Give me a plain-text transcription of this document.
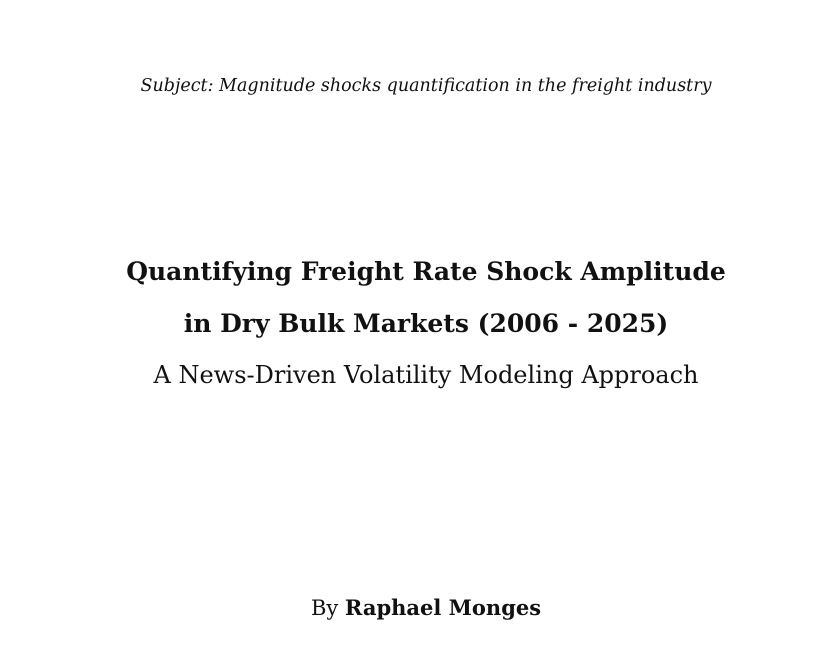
Subject: Magnitude shocks quantification in the freight industry
Quantifying Freight Rate Shock Amplitude
in Dry Bulk Markets (2006 - 2025)
A News-Driven Volatility Modeling Approach
By Raphael Monges
